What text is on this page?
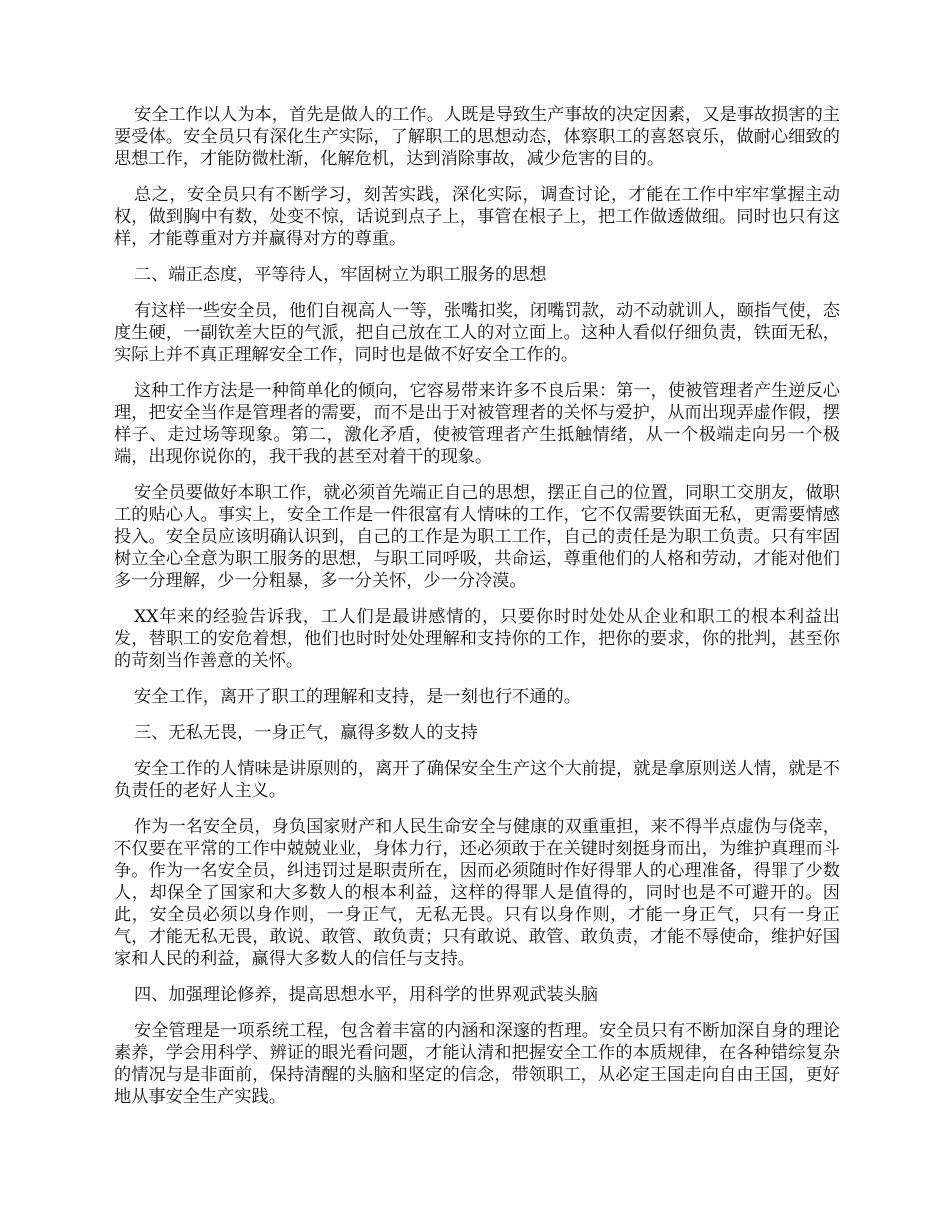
安全工作以人为本，首先是做人的工作。人既是导致生产事故的决定因素，又是事故损害的主要受体。安全员只有深化生产实际，了解职工的思想动态，体察职工的喜怒哀乐，做耐心细致的思想工作，才能防微杜渐，化解危机，达到消除事故，减少危害的目的。

总之，安全员只有不断学习，刻苦实践，深化实际，调查讨论，才能在工作中牢牢掌握主动权，做到胸中有数，处变不惊，话说到点子上，事管在根子上，把工作做透做细。同时也只有这样，才能尊重对方并赢得对方的尊重。

二、端正态度，平等待人，牢固树立为职工服务的思想

有这样一些安全员，他们自视高人一等，张嘴扣奖，闭嘴罚款，动不动就训人，颐指气使，态度生硬，一副钦差大臣的气派，把自己放在工人的对立面上。这种人看似仔细负责，铁面无私，实际上并不真正理解安全工作，同时也是做不好安全工作的。

这种工作方法是一种简单化的倾向，它容易带来许多不良后果：第一，使被管理者产生逆反心理，把安全当作是管理者的需要，而不是出于对被管理者的关怀与爱护，从而出现弄虚作假，摆样子、走过场等现象。第二，激化矛盾，使被管理者产生抵触情绪，从一个极端走向另一个极端，出现你说你的，我干我的甚至对着干的现象。

安全员要做好本职工作，就必须首先端正自己的思想，摆正自己的位置，同职工交朋友，做职工的贴心人。事实上，安全工作是一件很富有人情味的工作，它不仅需要铁面无私，更需要情感投入。安全员应该明确认识到，自己的工作是为职工工作，自己的责任是为职工负责。只有牢固树立全心全意为职工服务的思想，与职工同呼吸，共命运，尊重他们的人格和劳动，才能对他们多一分理解，少一分粗暴，多一分关怀，少一分冷漠。

XX年来的经验告诉我，工人们是最讲感情的，只要你时时处处从企业和职工的根本利益出发，替职工的安危着想，他们也时时处处理解和支持你的工作，把你的要求，你的批判，甚至你的苛刻当作善意的关怀。

安全工作，离开了职工的理解和支持，是一刻也行不通的。

三、无私无畏，一身正气，赢得多数人的支持

安全工作的人情味是讲原则的，离开了确保安全生产这个大前提，就是拿原则送人情，就是不负责任的老好人主义。

作为一名安全员，身负国家财产和人民生命安全与健康的双重重担，来不得半点虚伪与侥幸，不仅要在平常的工作中兢兢业业，身体力行，还必须敢于在关键时刻挺身而出，为维护真理而斗争。作为一名安全员，纠违罚过是职责所在，因而必须随时作好得罪人的心理准备，得罪了少数人，却保全了国家和大多数人的根本利益，这样的得罪人是值得的，同时也是不可避开的。因此，安全员必须以身作则，一身正气，无私无畏。只有以身作则，才能一身正气，只有一身正气，才能无私无畏，敢说、敢管、敢负责；只有敢说、敢管、敢负责，才能不辱使命，维护好国家和人民的利益，赢得大多数人的信任与支持。

四、加强理论修养，提高思想水平，用科学的世界观武装头脑

安全管理是一项系统工程，包含着丰富的内涵和深邃的哲理。安全员只有不断加深自身的理论素养，学会用科学、辨证的眼光看问题，才能认清和把握安全工作的本质规律，在各种错综复杂的情况与是非面前，保持清醒的头脑和坚定的信念，带领职工，从必定王国走向自由王国，更好地从事安全生产实践。
